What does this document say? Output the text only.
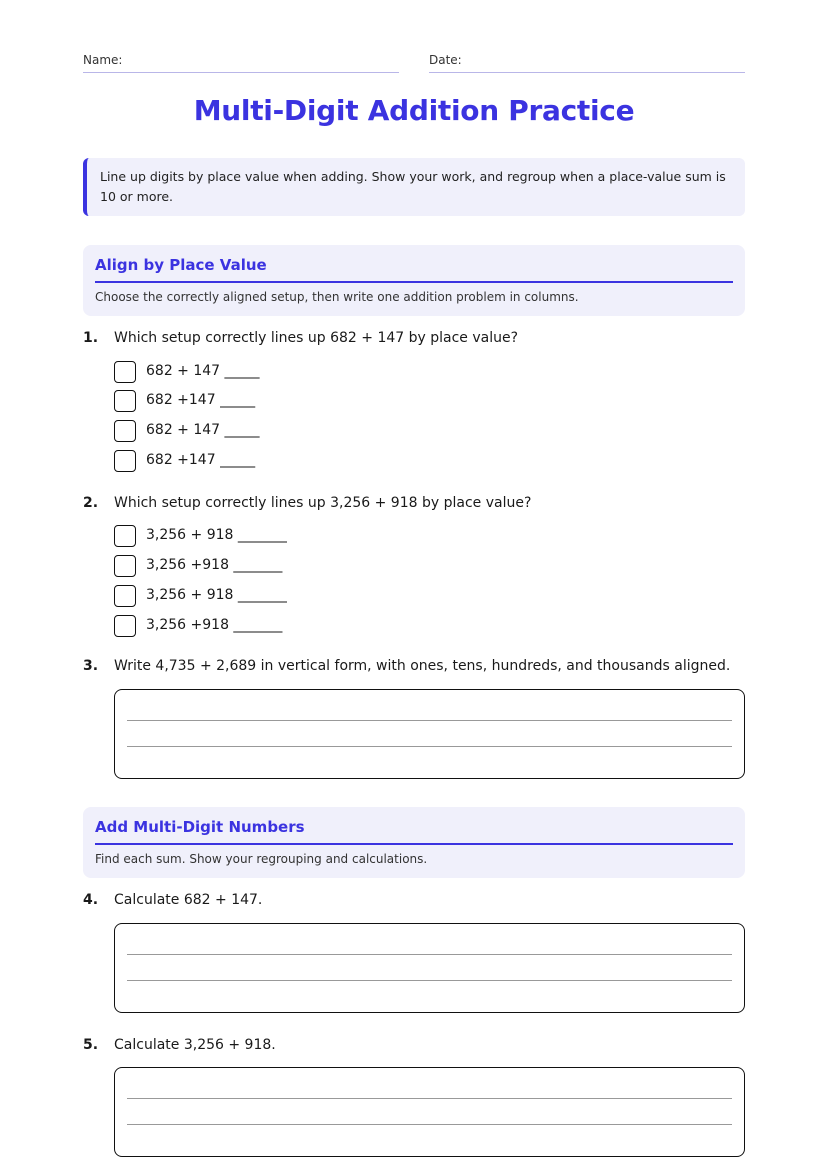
Name:	Date:
Multi-Digit Addition Practice
Line up digits by place value when adding. Show your work, and regroup when a place-value sum is 10 or more.
Align by Place Value
Choose the correctly aligned setup, then write one addition problem in columns.
1. Which setup correctly lines up 682 + 147 by place value?
682 + 147 _____
682 +147 _____
682 + 147 _____
682 +147 _____
2. Which setup correctly lines up 3,256 + 918 by place value?
3,256 + 918 _______
3,256 +918 _______
3,256 + 918 _______
3,256 +918 _______
3. Write 4,735 + 2,689 in vertical form, with ones, tens, hundreds, and thousands aligned.
Add Multi-Digit Numbers
Find each sum. Show your regrouping and calculations.
4. Calculate 682 + 147.
5. Calculate 3,256 + 918.
